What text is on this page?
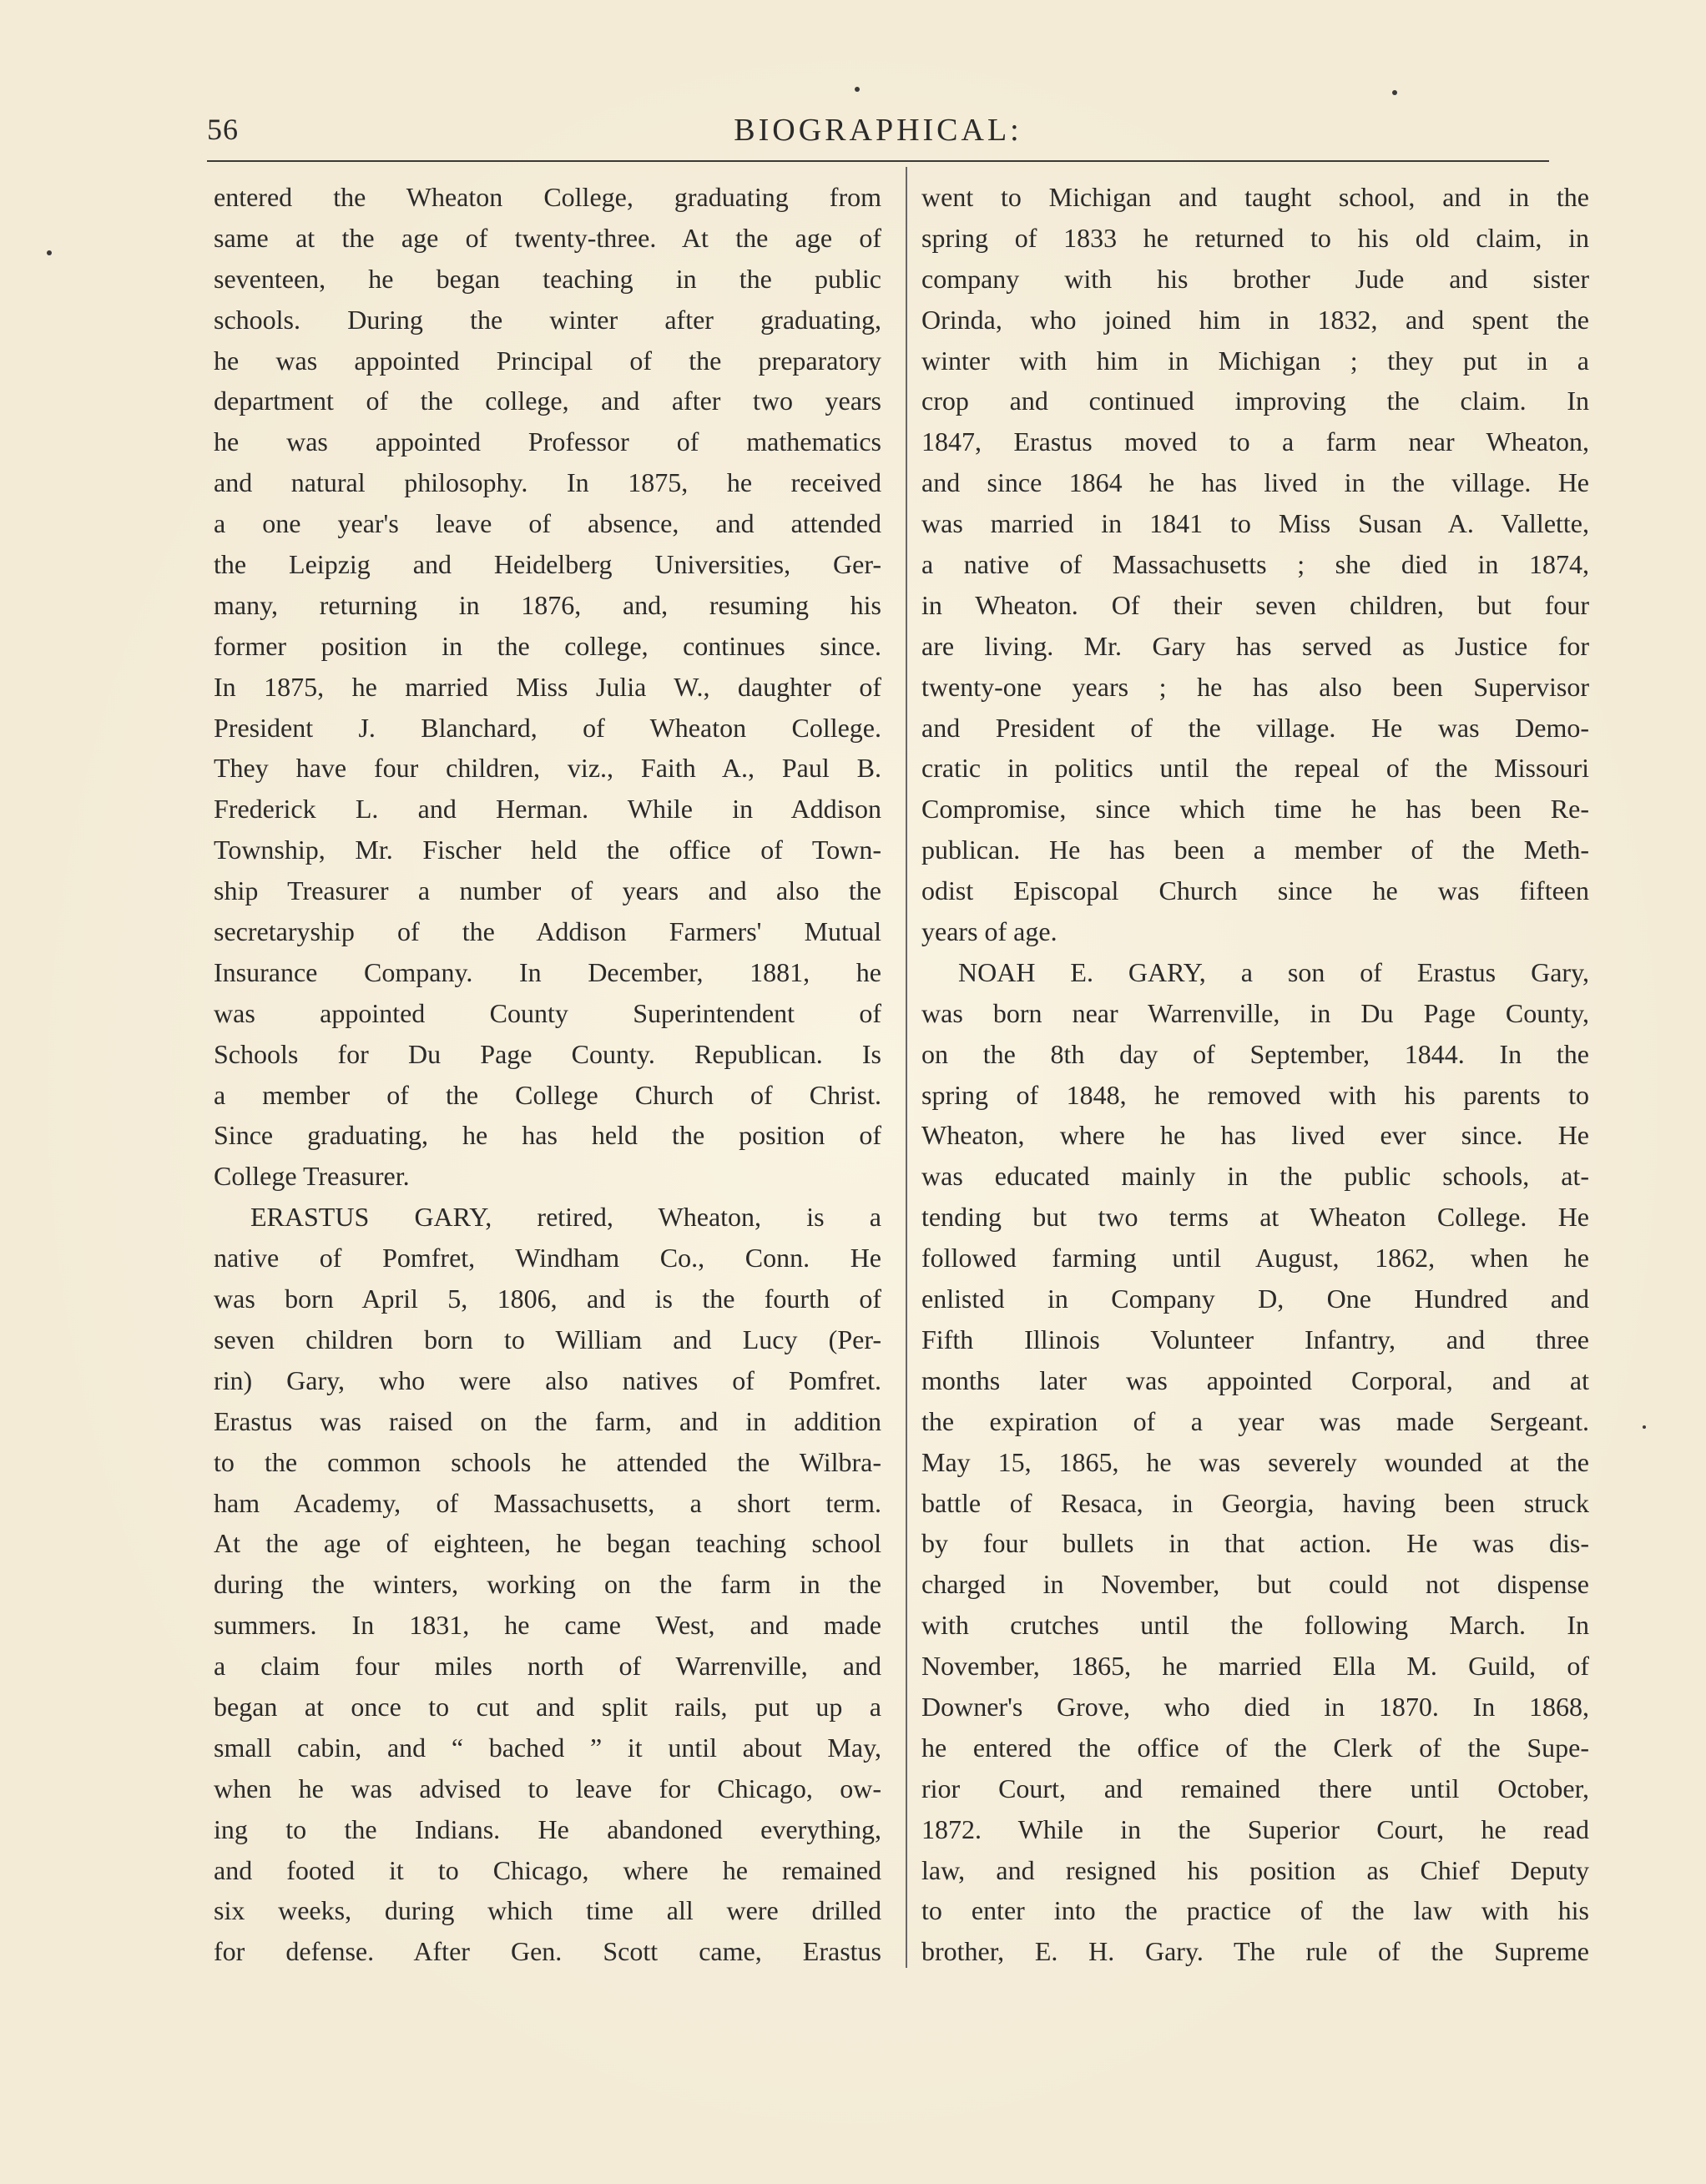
56	BIOGRAPHICAL:
entered the Wheaton College, graduating from
same at the age of twenty-three. At the age of
seventeen, he began teaching in the public
schools. During the winter after graduating,
he was appointed Principal of the preparatory
department of the college, and after two years
he was appointed Professor of mathematics
and natural philosophy. In 1875, he received
a one year's leave of absence, and attended
the Leipzig and Heidelberg Universities, Ger-
many, returning in 1876, and, resuming his
former position in the college, continues since.
In 1875, he married Miss Julia W., daughter of
President J. Blanchard, of Wheaton College.
They have four children, viz., Faith A., Paul B.
Frederick L. and Herman. While in Addison
Township, Mr. Fischer held the office of Town-
ship Treasurer a number of years and also the
secretaryship of the Addison Farmers' Mutual
Insurance Company. In December, 1881, he
was appointed County Superintendent of
Schools for Du Page County. Republican. Is
a member of the College Church of Christ.
Since graduating, he has held the position of
College Treasurer.
ERASTUS GARY, retired, Wheaton, is a
native of Pomfret, Windham Co., Conn. He
was born April 5, 1806, and is the fourth of
seven children born to William and Lucy (Per-
rin) Gary, who were also natives of Pomfret.
Erastus was raised on the farm, and in addition
to the common schools he attended the Wilbra-
ham Academy, of Massachusetts, a short term.
At the age of eighteen, he began teaching school
during the winters, working on the farm in the
summers. In 1831, he came West, and made
a claim four miles north of Warrenville, and
began at once to cut and split rails, put up a
small cabin, and “ bached ” it until about May,
when he was advised to leave for Chicago, ow-
ing to the Indians. He abandoned everything,
and footed it to Chicago, where he remained
six weeks, during which time all were drilled
for defense. After Gen. Scott came, Erastus
went to Michigan and taught school, and in the
spring of 1833 he returned to his old claim, in
company with his brother Jude and sister
Orinda, who joined him in 1832, and spent the
winter with him in Michigan ; they put in a
crop and continued improving the claim. In
1847, Erastus moved to a farm near Wheaton,
and since 1864 he has lived in the village. He
was married in 1841 to Miss Susan A. Vallette,
a native of Massachusetts ; she died in 1874,
in Wheaton. Of their seven children, but four
are living. Mr. Gary has served as Justice for
twenty-one years ; he has also been Supervisor
and President of the village. He was Demo-
cratic in politics until the repeal of the Missouri
Compromise, since which time he has been Re-
publican. He has been a member of the Meth-
odist Episcopal Church since he was fifteen
years of age.
NOAH E. GARY, a son of Erastus Gary,
was born near Warrenville, in Du Page County,
on the 8th day of September, 1844. In the
spring of 1848, he removed with his parents to
Wheaton, where he has lived ever since. He
was educated mainly in the public schools, at-
tending but two terms at Wheaton College. He
followed farming until August, 1862, when he
enlisted in Company D, One Hundred and
Fifth Illinois Volunteer Infantry, and three
months later was appointed Corporal, and at
the expiration of a year was made Sergeant.
May 15, 1865, he was severely wounded at the
battle of Resaca, in Georgia, having been struck
by four bullets in that action. He was dis-
charged in November, but could not dispense
with crutches until the following March. In
November, 1865, he married Ella M. Guild, of
Downer's Grove, who died in 1870. In 1868,
he entered the office of the Clerk of the Supe-
rior Court, and remained there until October,
1872. While in the Superior Court, he read
law, and resigned his position as Chief Deputy
to enter into the practice of the law with his
brother, E. H. Gary. The rule of the Supreme
